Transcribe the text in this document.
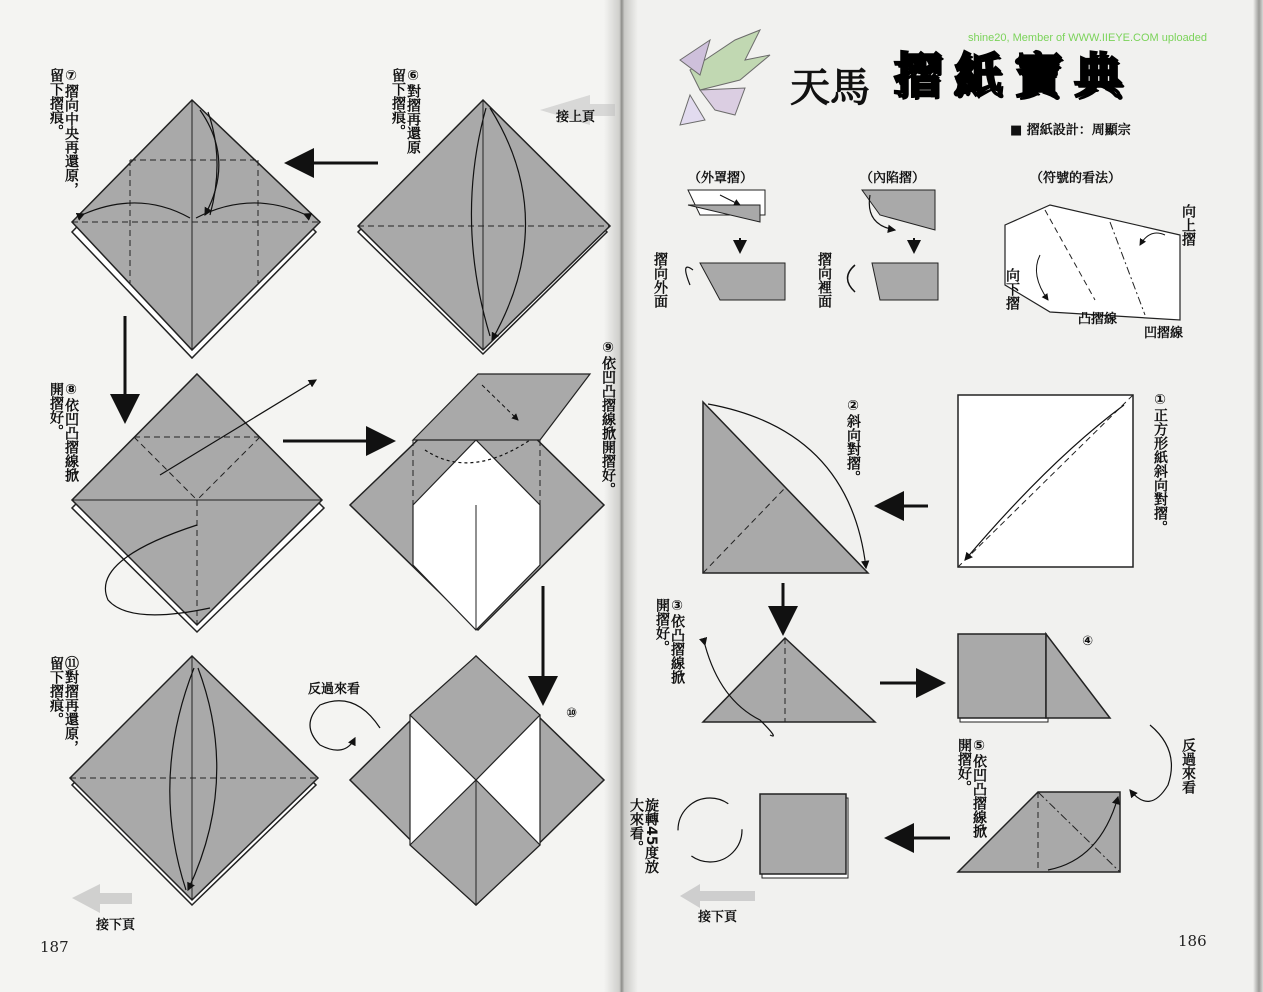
shine20, Member of WWW.IIEYE.COM uploaded
⑥對摺再還原留下摺痕。
⑦摺向中央再還原，留下摺痕。
⑧依凹凸摺線掀開摺好。	⑨依凹凸摺線掀開摺好。
⑩
⑪對摺再還原，留下摺痕。
接上頁
接下頁
反過來看
187
天馬 摺 紙 寶 典
■ 摺紙設計：周顯宗
（外罩摺）	（內陷摺）	（符號的看法）
摺向外面	摺向裡面
向上摺
向下摺
凸摺線
凹摺線
①正方形紙斜向對摺。
②斜向對摺。
③依凸摺線掀開摺好。	④
⑤依凹凸摺線掀開摺好。
旋轉45度放大來看。
反過來看
接下頁
186
